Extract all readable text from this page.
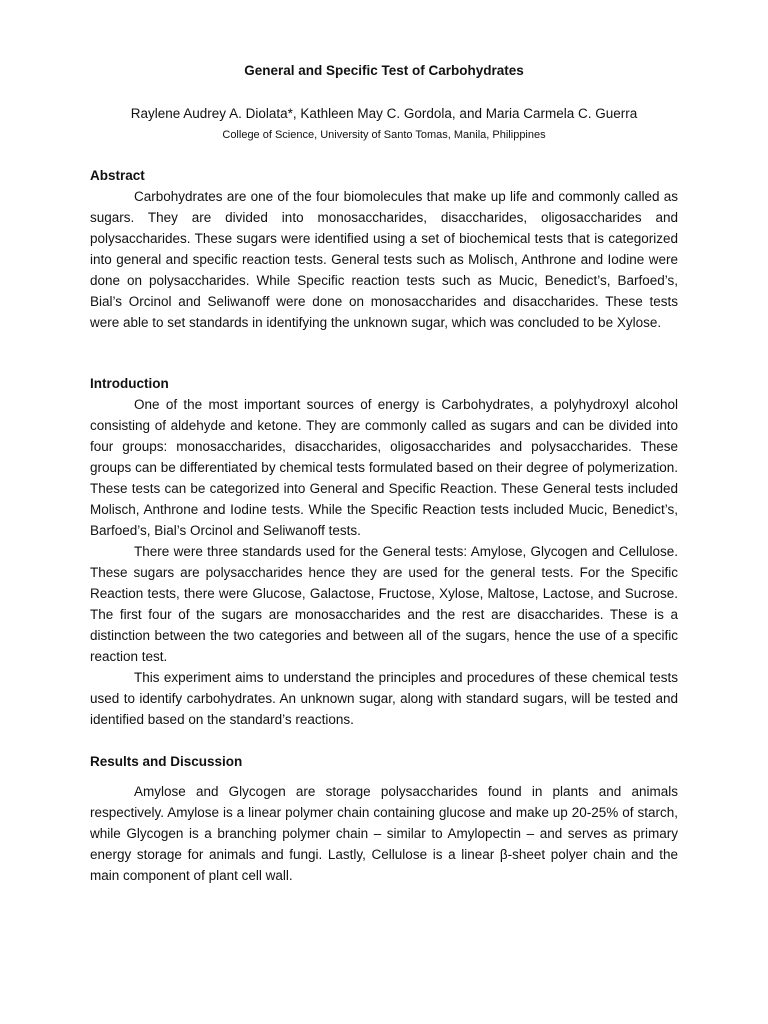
General and Specific Test of Carbohydrates

Raylene Audrey A. Diolata*, Kathleen May C. Gordola, and Maria Carmela C. Guerra

College of Science, University of Santo Tomas, Manila, Philippines

Abstract

Carbohydrates are one of the four biomolecules that make up life and commonly called as sugars. They are divided into monosaccharides, disaccharides, oligosaccharides and polysaccharides. These sugars were identified using a set of biochemical tests that is categorized into general and specific reaction tests. General tests such as Molisch, Anthrone and Iodine were done on polysaccharides. While Specific reaction tests such as Mucic, Benedict’s, Barfoed’s, Bial’s Orcinol and Seliwanoff were done on monosaccharides and disaccharides. These tests were able to set standards in identifying the unknown sugar, which was concluded to be Xylose.

Introduction

One of the most important sources of energy is Carbohydrates, a polyhydroxyl alcohol consisting of aldehyde and ketone. They are commonly called as sugars and can be divided into four groups: monosaccharides, disaccharides, oligosaccharides and polysaccharides. These groups can be differentiated by chemical tests formulated based on their degree of polymerization. These tests can be categorized into General and Specific Reaction. These General tests included Molisch, Anthrone and Iodine tests. While the Specific Reaction tests included Mucic, Benedict’s, Barfoed’s, Bial’s Orcinol and Seliwanoff tests.

There were three standards used for the General tests: Amylose, Glycogen and Cellulose. These sugars are polysaccharides hence they are used for the general tests. For the Specific Reaction tests, there were Glucose, Galactose, Fructose, Xylose, Maltose, Lactose, and Sucrose. The first four of the sugars are monosaccharides and the rest are disaccharides. These is a distinction between the two categories and between all of the sugars, hence the use of a specific reaction test.

This experiment aims to understand the principles and procedures of these chemical tests used to identify carbohydrates. An unknown sugar, along with standard sugars, will be tested and identified based on the standard’s reactions.

Results and Discussion

Amylose and Glycogen are storage polysaccharides found in plants and animals respectively. Amylose is a linear polymer chain containing glucose and make up 20-25% of starch, while Glycogen is a branching polymer chain – similar to Amylopectin – and serves as primary energy storage for animals and fungi. Lastly, Cellulose is a linear β-sheet polyer chain and the main component of plant cell wall.
